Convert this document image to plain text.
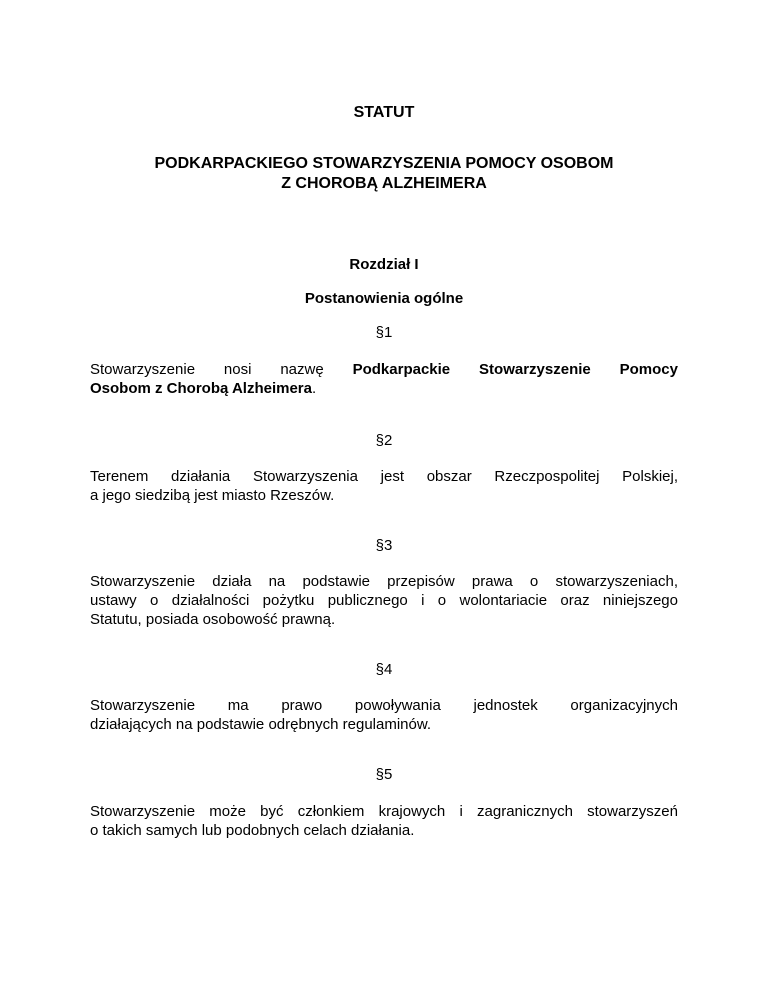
STATUT
PODKARPACKIEGO STOWARZYSZENIA POMOCY OSOBOM
Z CHOROBĄ ALZHEIMERA
Rozdział I
Postanowienia ogólne
§1
Stowarzyszenie nosi nazwę Podkarpackie Stowarzyszenie Pomocy
Osobom z Chorobą Alzheimera.
§2
Terenem działania Stowarzyszenia jest obszar Rzeczpospolitej Polskiej,
a jego siedzibą jest miasto Rzeszów.
§3
Stowarzyszenie działa na podstawie przepisów prawa o stowarzyszeniach,
ustawy o działalności pożytku publicznego i o wolontariacie oraz niniejszego
Statutu, posiada osobowość prawną.
§4
Stowarzyszenie ma prawo powoływania jednostek organizacyjnych
działających na podstawie odrębnych regulaminów.
§5
Stowarzyszenie może być członkiem krajowych i zagranicznych stowarzyszeń
o takich samych lub podobnych celach działania.
